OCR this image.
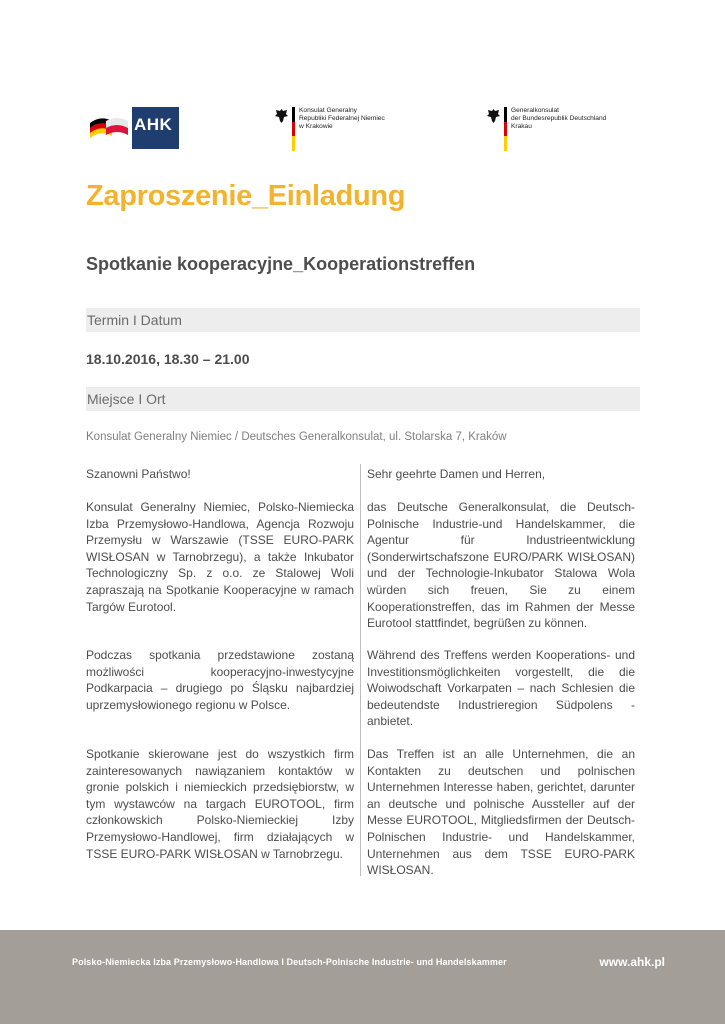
AHK
Konsulat Generalny
Republiki Federalnej Niemiec
w Krakowie
Generalkonsulat
der Bundesrepublik Deutschland
Krakau
Zaproszenie_Einladung
Spotkanie kooperacyjne_Kooperationstreffen
Termin I Datum
18.10.2016, 18.30 – 21.00
Miejsce I Ort
Konsulat Generalny Niemiec / Deutsches Generalkonsulat, ul. Stolarska 7, Kraków

Szanowni Państwo!

Konsulat Generalny Niemiec, Polsko-Niemiecka Izba Przemysłowo-Handlowa, Agencja Rozwoju Przemysłu w Warszawie (TSSE EURO-PARK WISŁOSAN w Tarnobrzegu), a także Inkubator Technologiczny Sp. z o.o. ze Stalowej Woli zapraszają na Spotkanie Kooperacyjne w ramach Targów Eurotool.

Podczas spotkania przedstawione zostaną możliwości kooperacyjno-inwestycyjne Podkarpacia – drugiego po Śląsku najbardziej uprzemysłowionego regionu w Polsce.

Spotkanie skierowane jest do wszystkich firm zainteresowanych nawiązaniem kontaktów w gronie polskich i niemieckich przedsiębiorstw, w tym wystawców na targach EUROTOOL, firm członkowskich Polsko-Niemieckiej Izby Przemysłowo-Handlowej, firm działających w TSSE EURO-PARK WISŁOSAN w Tarnobrzegu.

Sehr geehrte Damen und Herren,

das Deutsche Generalkonsulat, die Deutsch-Polnische Industrie-und Handelskammer, die Agentur für Industrieentwicklung (Sonderwirtschafszone EURO/PARK WISŁOSAN) und der Technologie-Inkubator Stalowa Wola würden sich freuen, Sie zu einem Kooperationstreffen, das im Rahmen der Messe Eurotool stattfindet, begrüßen zu können.

Während des Treffens werden Kooperations- und Investitionsmöglichkeiten vorgestellt, die die Woiwodschaft Vorkarpaten – nach Schlesien die bedeutendste Industrieregion Südpolens - anbietet.

Das Treffen ist an alle Unternehmen, die an Kontakten zu deutschen und polnischen Unternehmen Interesse haben, gerichtet, darunter an deutsche und polnische Aussteller auf der Messe EUROTOOL, Mitgliedsfirmen der Deutsch-Polnischen Industrie- und Handelskammer, Unternehmen aus dem TSSE EURO-PARK WISŁOSAN.

Polsko-Niemiecka Izba Przemysłowo-Handlowa I Deutsch-Polnische Industrie- und Handelskammer	www.ahk.pl
